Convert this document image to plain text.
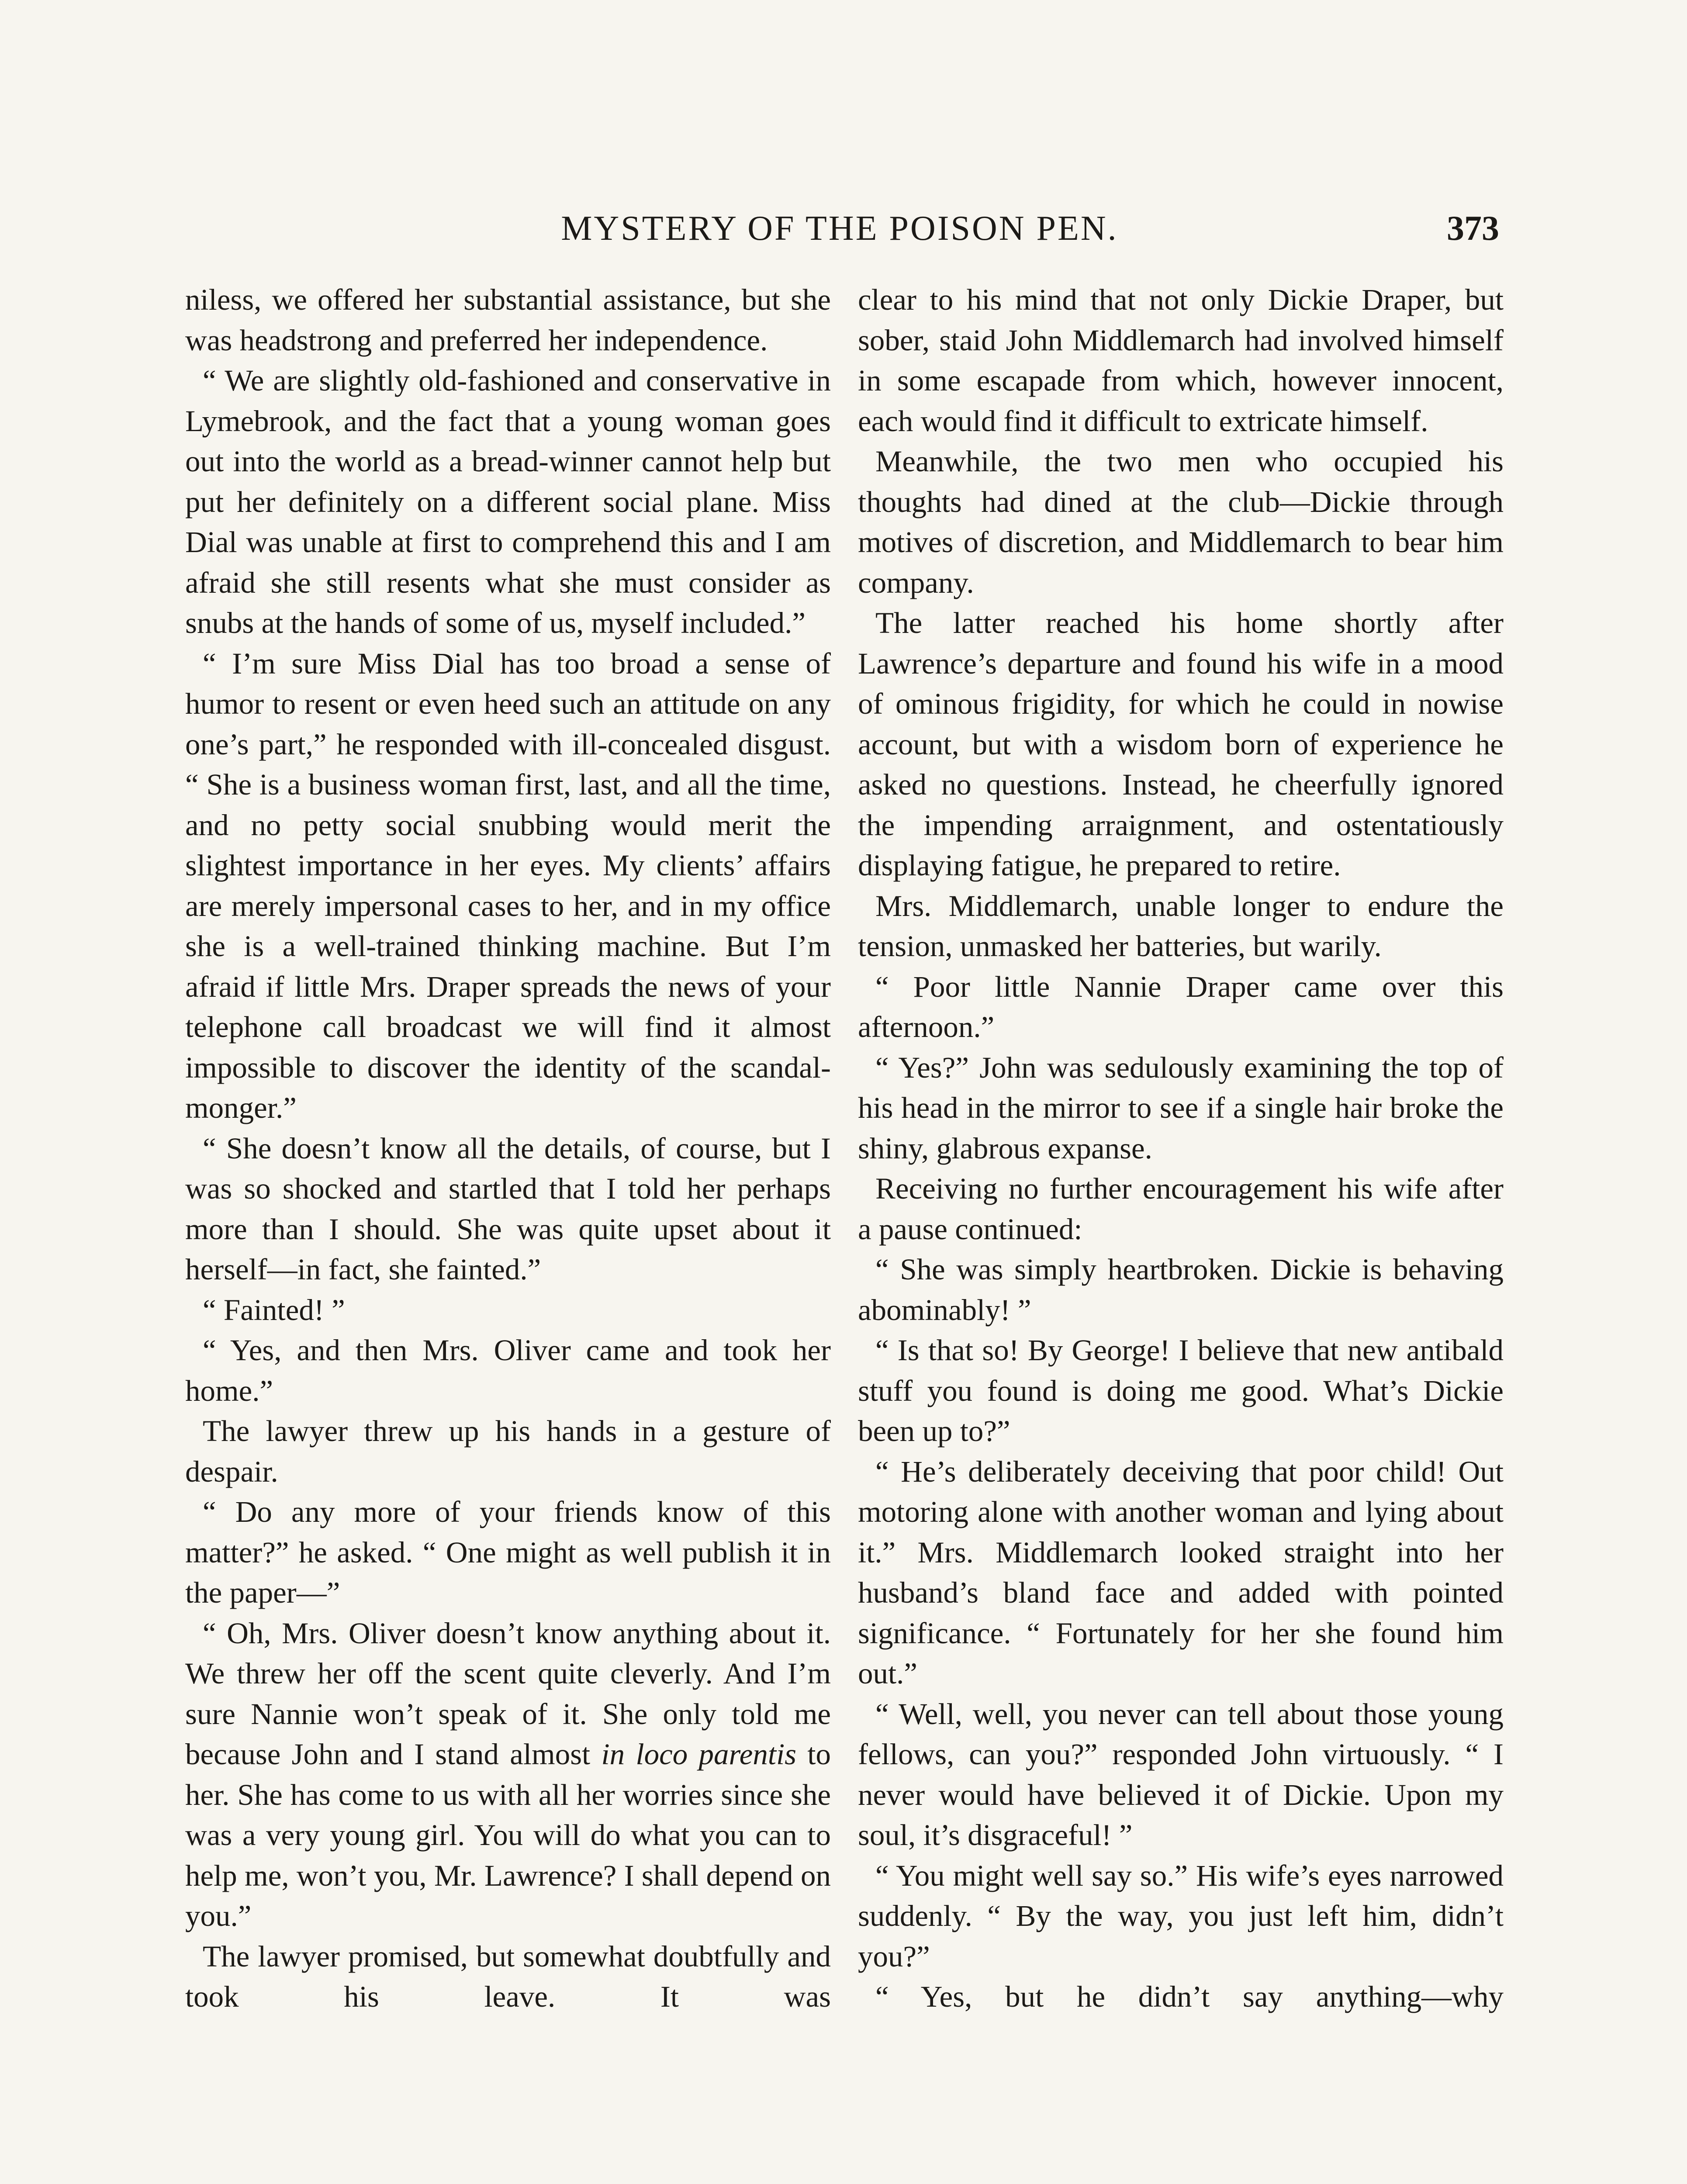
MYSTERY OF THE POISON PEN.	373

niless, we offered her substantial assistance, but she was headstrong and preferred her independence.

“ We are slightly old-fashioned and conservative in Lymebrook, and the fact that a young woman goes out into the world as a bread-winner cannot help but put her definitely on a different social plane. Miss Dial was unable at first to comprehend this and I am afraid she still resents what she must consider as snubs at the hands of some of us, myself included.”

“ I’m sure Miss Dial has too broad a sense of humor to resent or even heed such an attitude on any one’s part,” he responded with ill-concealed disgust. “ She is a business woman first, last, and all the time, and no petty social snubbing would merit the slightest importance in her eyes. My clients’ affairs are merely impersonal cases to her, and in my office she is a well-trained thinking machine. But I’m afraid if little Mrs. Draper spreads the news of your telephone call broadcast we will find it almost impossible to discover the identity of the scandal-monger.”

“ She doesn’t know all the details, of course, but I was so shocked and startled that I told her perhaps more than I should. She was quite upset about it herself—in fact, she fainted.”

“ Fainted! ”

“ Yes, and then Mrs. Oliver came and took her home.”

The lawyer threw up his hands in a gesture of despair.

“ Do any more of your friends know of this matter?” he asked. “ One might as well publish it in the paper—”

“ Oh, Mrs. Oliver doesn’t know anything about it. We threw her off the scent quite cleverly. And I’m sure Nannie won’t speak of it. She only told me because John and I stand almost in loco parentis to her. She has come to us with all her worries since she was a very young girl. You will do what you can to help me, won’t you, Mr. Lawrence? I shall depend on you.”

The lawyer promised, but somewhat doubtfully and took his leave. It was

clear to his mind that not only Dickie Draper, but sober, staid John Middlemarch had involved himself in some escapade from which, however innocent, each would find it difficult to extricate himself.

Meanwhile, the two men who occupied his thoughts had dined at the club—Dickie through motives of discretion, and Middlemarch to bear him company.

The latter reached his home shortly after Lawrence’s departure and found his wife in a mood of ominous frigidity, for which he could in nowise account, but with a wisdom born of experience he asked no questions. Instead, he cheerfully ignored the impending arraignment, and ostentatiously displaying fatigue, he prepared to retire.

Mrs. Middlemarch, unable longer to endure the tension, unmasked her batteries, but warily.

“ Poor little Nannie Draper came over this afternoon.”

“ Yes?” John was sedulously examining the top of his head in the mirror to see if a single hair broke the shiny, glabrous expanse.

Receiving no further encouragement his wife after a pause continued:

“ She was simply heartbroken. Dickie is behaving abominably! ”

“ Is that so! By George! I believe that new antibald stuff you found is doing me good. What’s Dickie been up to?”

“ He’s deliberately deceiving that poor child! Out motoring alone with another woman and lying about it.” Mrs. Middlemarch looked straight into her husband’s bland face and added with pointed significance. “ Fortunately for her she found him out.”

“ Well, well, you never can tell about those young fellows, can you?” responded John virtuously. “ I never would have believed it of Dickie. Upon my soul, it’s disgraceful! ”

“ You might well say so.” His wife’s eyes narrowed suddenly. “ By the way, you just left him, didn’t you?”

“ Yes, but he didn’t say anything—why
